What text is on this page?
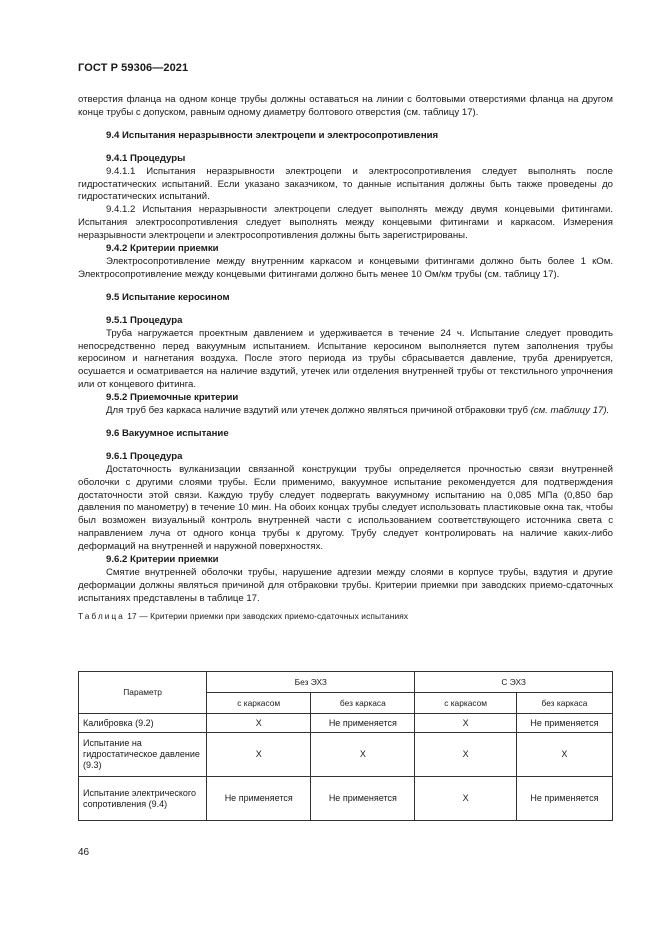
ГОСТ Р 59306—2021

отверстия фланца на одном конце трубы должны оставаться на линии с болтовыми отверстиями фланца на другом конце трубы с допуском, равным одному диаметру болтового отверстия (см. таблицу 17).

9.4 Испытания неразрывности электроцепи и электросопротивления
9.4.1 Процедуры

9.4.1.1 Испытания неразрывности электроцепи и электросопротивления следует выполнять после гидростатических испытаний. Если указано заказчиком, то данные испытания должны быть также проведены до гидростатических испытаний.

9.4.1.2 Испытания неразрывности электроцепи следует выполнять между двумя концевыми фитингами. Испытания электросопротивления следует выполнять между концевыми фитингами и каркасом. Измерения неразрывности электроцепи и электросопротивления должны быть зарегистрированы.

9.4.2 Критерии приемки

Электросопротивление между внутренним каркасом и концевыми фитингами должно быть более 1 кОм. Электросопротивление между концевыми фитингами должно быть менее 10 Ом/км трубы (см. таблицу 17).

9.5 Испытание керосином
9.5.1 Процедура

Труба нагружается проектным давлением и удерживается в течение 24 ч. Испытание следует проводить непосредственно перед вакуумным испытанием. Испытание керосином выполняется путем заполнения трубы керосином и нагнетания воздуха. После этого периода из трубы сбрасывается давление, труба дренируется, осушается и осматривается на наличие вздутий, утечек или отделения внутренней трубы от текстильного упрочнения или от концевого фитинга.

9.5.2 Приемочные критерии

Для труб без каркаса наличие вздутий или утечек должно являться причиной отбраковки труб (см. таблицу 17).

9.6 Вакуумное испытание
9.6.1 Процедура

Достаточность вулканизации связанной конструкции трубы определяется прочностью связи внутренней оболочки с другими слоями трубы. Если применимо, вакуумное испытание рекомендуется для подтверждения достаточности этой связи. Каждую трубу следует подвергать вакуумному испытанию на 0,085 МПа (0,850 бар давления по манометру) в течение 10 мин. На обоих концах трубы следует использовать пластиковые окна так, чтобы был возможен визуальный контроль внутренней части с использованием соответствующего источника света с направлением луча от одного конца трубы к другому. Трубу следует контролировать на наличие каких-либо деформаций на внутренней и наружной поверхностях.

9.6.2 Критерии приемки

Смятие внутренней оболочки трубы, нарушение адгезии между слоями в корпусе трубы, вздутия и другие деформации должны являться причиной для отбраковки трубы. Критерии приемки при заводских приемо-сдаточных испытаниях представлены в таблице 17.

Таблица 17 — Критерии приемки при заводских приемо-сдаточных испытаниях

Параметр	Без ЭХЗ		С ЭХЗ	
	с каркасом	без каркаса	с каркасом	без каркаса
Калибровка (9.2)	X	Не применяется	X	Не применяется
Испытание на гидростатическое давление (9.3)	X	X	X	X
Испытание электрического сопротивления (9.4)	Не применяется	Не применяется	X	Не применяется
46
